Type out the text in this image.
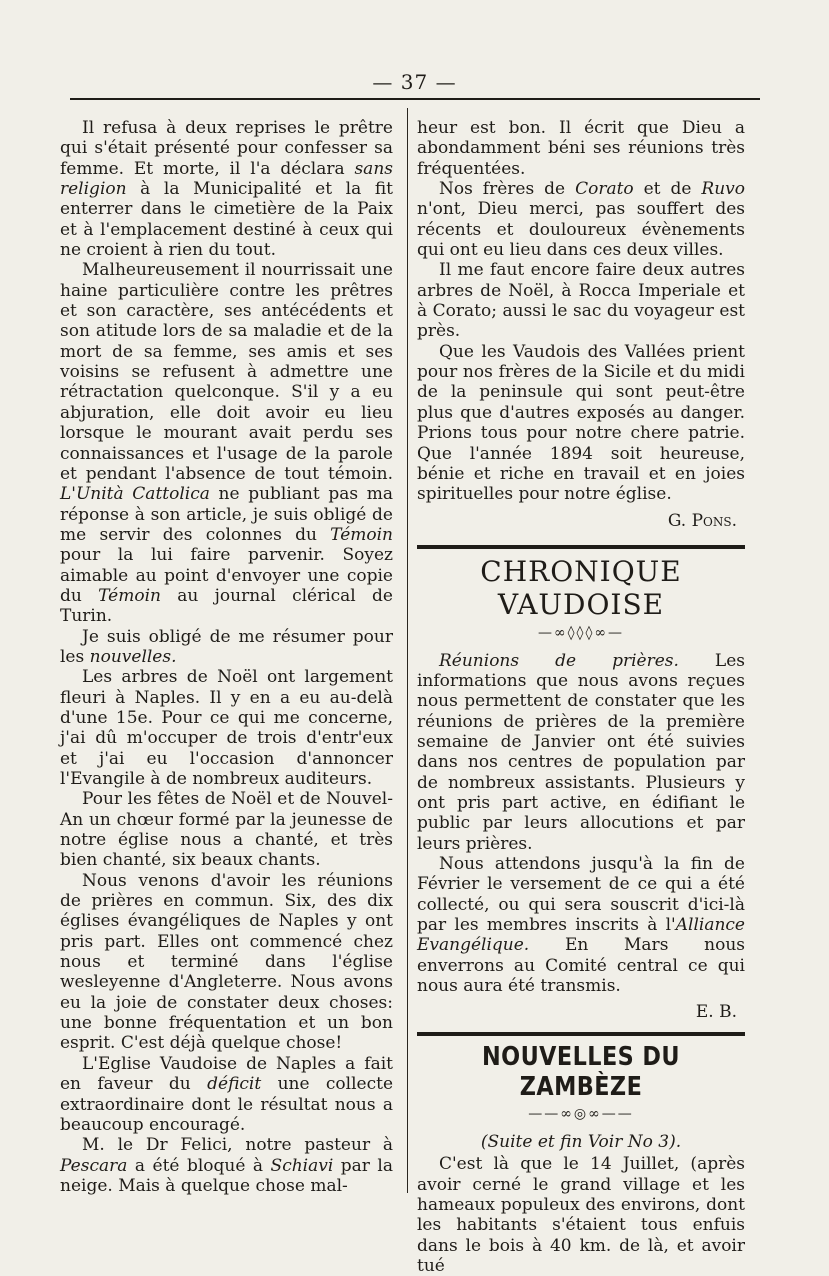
— 37 —

Il refusa à deux reprises le prêtre qui s'était présenté pour confesser sa femme. Et morte, il l'a déclara sans religion à la Municipalité et la fit enterrer dans le cimetière de la Paix et à l'emplacement destiné à ceux qui ne croient à rien du tout.

Malheureusement il nourrissait une haine particulière contre les prêtres et son caractère, ses antécédents et son atitude lors de sa maladie et de la mort de sa femme, ses amis et ses voisins se refusent à admettre une rétractation quelconque. S'il y a eu abjuration, elle doit avoir eu lieu lorsque le mourant avait perdu ses connaissances et l'usage de la parole et pendant l'absence de tout témoin. L'Unità Cattolica ne publiant pas ma réponse à son article, je suis obligé de me servir des colonnes du Témoin pour la lui faire parvenir. Soyez aimable au point d'envoyer une copie du Témoin au journal clérical de Turin.

Je suis obligé de me résumer pour les nouvelles.

Les arbres de Noël ont largement fleuri à Naples. Il y en a eu au-delà d'une 15e. Pour ce qui me concerne, j'ai dû m'occuper de trois d'entr'eux et j'ai eu l'occasion d'annoncer l'Evangile à de nombreux auditeurs.

Pour les fêtes de Noël et de Nouvel-An un chœur formé par la jeunesse de notre église nous a chanté, et très bien chanté, six beaux chants.

Nous venons d'avoir les réunions de prières en commun. Six, des dix églises évangéliques de Naples y ont pris part. Elles ont commencé chez nous et terminé dans l'église wesleyenne d'Angleterre. Nous avons eu la joie de constater deux choses: une bonne fréquentation et un bon esprit. C'est déjà quelque chose!

L'Eglise Vaudoise de Naples a fait en faveur du déficit une collecte extraordinaire dont le résultat nous a beaucoup encouragé.

M. le Dr Felici, notre pasteur à Pescara a été bloqué à Schiavi par la neige. Mais à quelque chose mal-

heur est bon. Il écrit que Dieu a abondamment béni ses réunions très fréquentées.

Nos frères de Corato et de Ruvo n'ont, Dieu merci, pas souffert des récents et douloureux évènements qui ont eu lieu dans ces deux villes.

Il me faut encore faire deux autres arbres de Noël, à Rocca Imperiale et à Corato; aussi le sac du voyageur est près.

Que les Vaudois des Vallées prient pour nos frères de la Sicile et du midi de la peninsule qui sont peut-être plus que d'autres exposés au danger. Prions tous pour notre chere patrie. Que l'année 1894 soit heureuse, bénie et riche en travail et en joies spirituelles pour notre église.

G. Pons.
CHRONIQUE VAUDOISE
—∞◊◊◊∞—

Réunions de prières. Les informations que nous avons reçues nous permettent de constater que les réunions de prières de la première semaine de Janvier ont été suivies dans nos centres de population par de nombreux assistants. Plusieurs y ont pris part active, en édifiant le public par leurs allocutions et par leurs prières.

Nous attendons jusqu'à la fin de Février le versement de ce qui a été collecté, ou qui sera souscrit d'ici-là par les membres inscrits à l'Alliance Evangélique. En Mars nous enverrons au Comité central ce qui nous aura été transmis.

E. B.
NOUVELLES DU ZAMBÈZE
——∞◎∞——
(Suite et fin Voir No 3).

C'est là que le 14 Juillet, (après avoir cerné le grand village et les hameaux populeux des environs, dont les habitants s'étaient tous enfuis dans le bois à 40 km. de là, et avoir tué
